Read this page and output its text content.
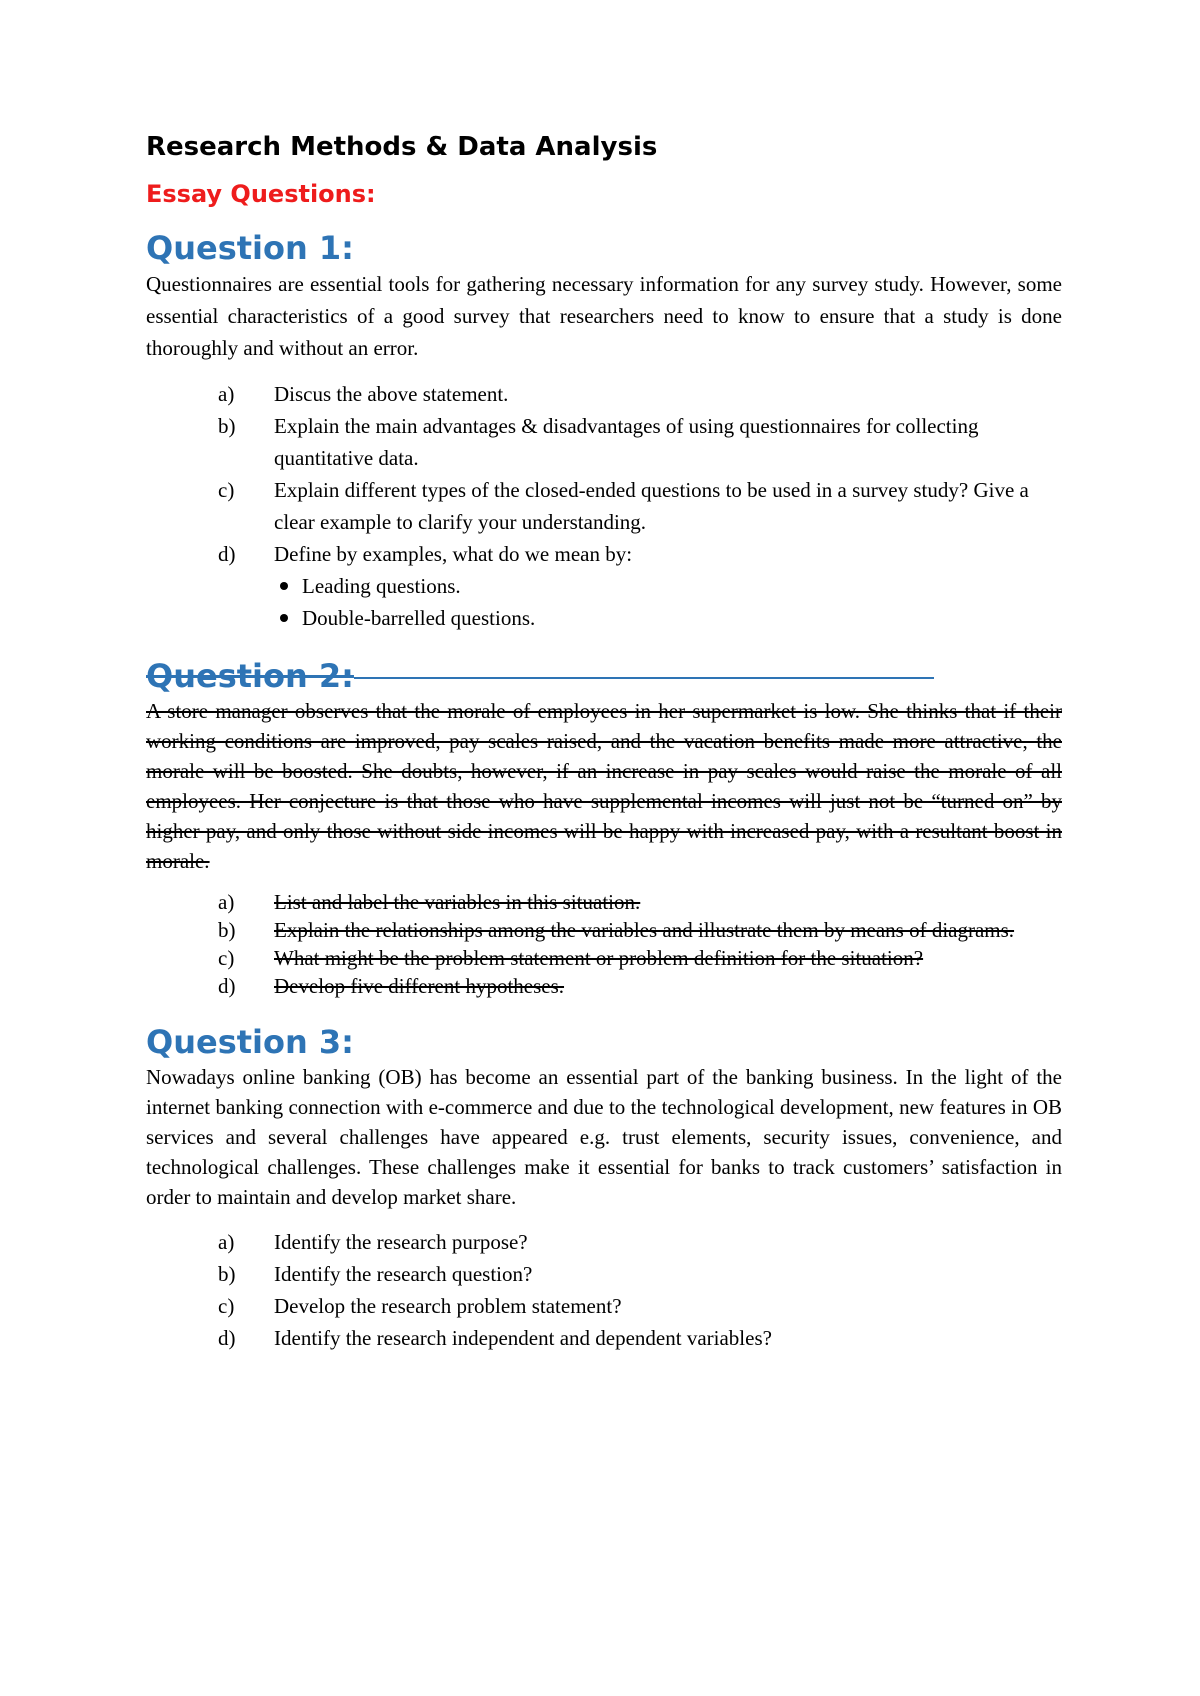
Research Methods & Data Analysis
Essay Questions:
Question 1:

Questionnaires are essential tools for gathering necessary information for any survey study. However, some essential characteristics of a good survey that researchers need to know to ensure that a study is done thoroughly and without an error.

a) Discus the above statement.
b) Explain the main advantages & disadvantages of using questionnaires for collecting quantitative data.
c) Explain different types of the closed-ended questions to be used in a survey study? Give a clear example to clarify your understanding.
d) Define by examples, what do we mean by:
Leading questions.
Double-barrelled questions.
Question 2:

A store manager observes that the morale of employees in her supermarket is low. She thinks that if their working conditions are improved, pay scales raised, and the vacation benefits made more attractive, the morale will be boosted. She doubts, however, if an increase in pay scales would raise the morale of all employees. Her conjecture is that those who have supplemental incomes will just not be “turned on” by higher pay, and only those without side incomes will be happy with increased pay, with a resultant boost in morale.

a) List and label the variables in this situation.
b) Explain the relationships among the variables and illustrate them by means of diagrams.
c) What might be the problem statement or problem definition for the situation?
d) Develop five different hypotheses.
Question 3:

Nowadays online banking (OB) has become an essential part of the banking business. In the light of the internet banking connection with e-commerce and due to the technological development, new features in OB services and several challenges have appeared e.g. trust elements, security issues, convenience, and technological challenges. These challenges make it essential for banks to track customers’ satisfaction in order to maintain and develop market share.

a) Identify the research purpose?
b) Identify the research question?
c) Develop the research problem statement?
d) Identify the research independent and dependent variables?
